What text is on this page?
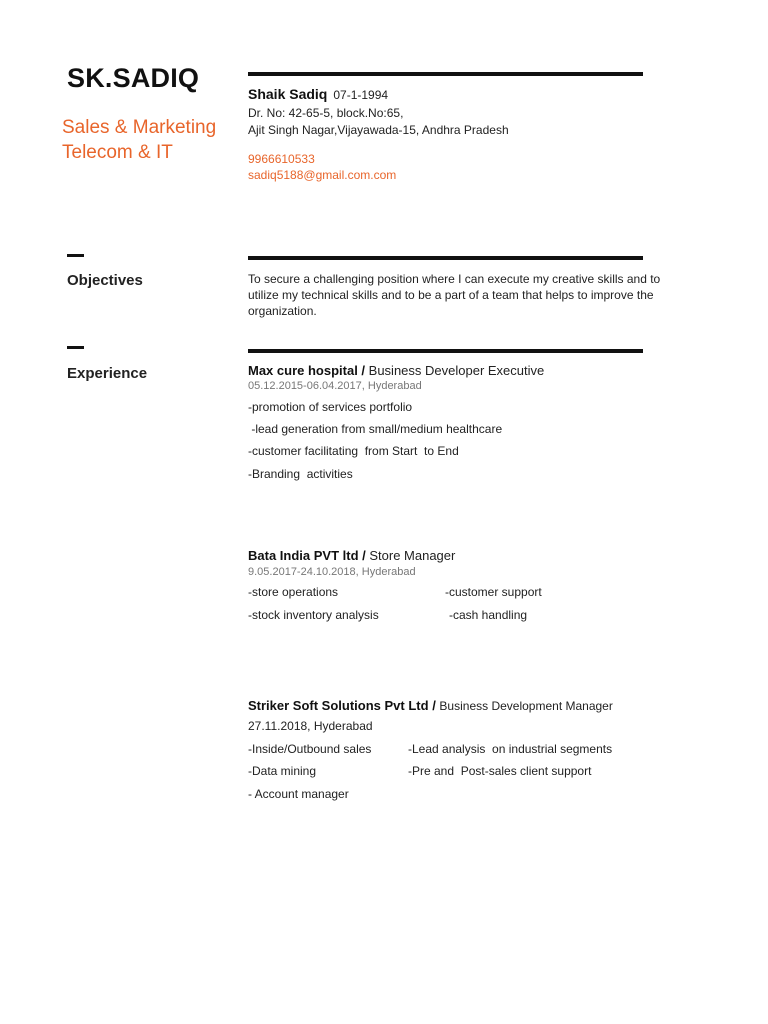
SK.SADIQ
Sales & Marketing
Telecom & IT
Shaik Sadiq 07-1-1994
Dr. No: 42-65-5, block.No:65,
Ajit Singh Nagar,Vijayawada-15, Andhra Pradesh
9966610533
sadiq5188@gmail.com.com
Objectives	To secure a challenging position where I can execute my creative skills and to utilize my technical skills and to be a part of a team that helps to improve the organization.
Experience	Max cure hospital / Business Developer Executive
05.12.2015-06.04.2017, Hyderabad
-promotion of services portfolio
-lead generation from small/medium healthcare
-customer facilitating  from Start  to End
-Branding  activities
Bata India PVT ltd / Store Manager
9.05.2017-24.10.2018, Hyderabad
-store operations	-customer support
-stock inventory analysis	-cash handling
Striker Soft Solutions Pvt Ltd / Business Development Manager
27.11.2018, Hyderabad
-Inside/Outbound sales	-Lead analysis  on industrial segments
-Data mining	-Pre and  Post-sales client support
- Account manager
